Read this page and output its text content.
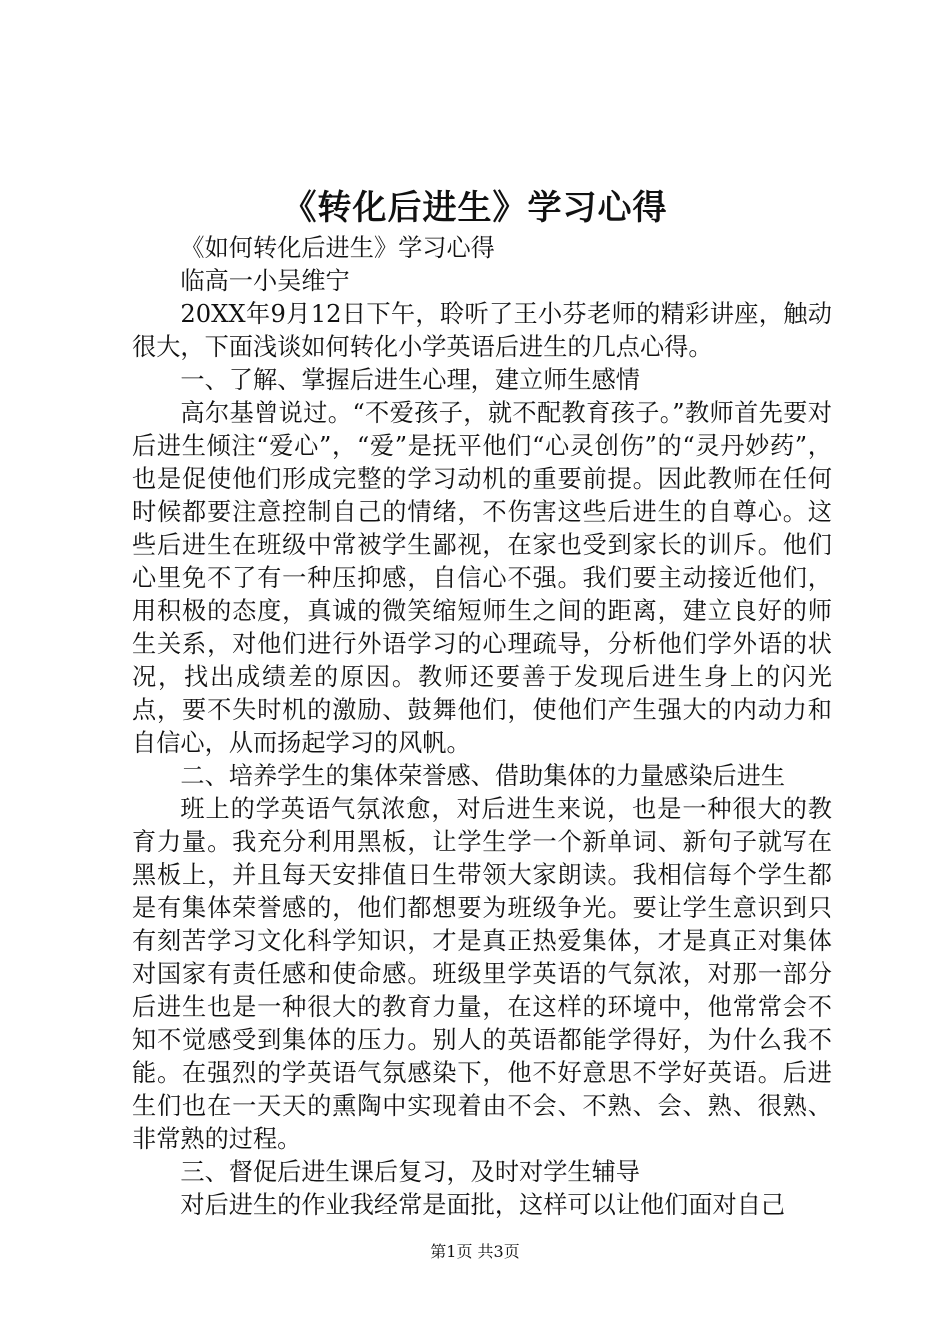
《转化后进生》学习心得

《如何转化后进生》学习心得

临高一小吴维宁

20XX年9月12日下午，聆听了王小芬老师的精彩讲座，触动很大，下面浅谈如何转化小学英语后进生的几点心得。

一、了解、掌握后进生心理，建立师生感情

高尔基曾说过。“不爱孩子，就不配教育孩子。”教师首先要对后进生倾注“爱心”，“爱”是抚平他们“心灵创伤”的“灵丹妙药”，也是促使他们形成完整的学习动机的重要前提。因此教师在任何时候都要注意控制自己的情绪，不伤害这些后进生的自尊心。这些后进生在班级中常被学生鄙视，在家也受到家长的训斥。他们心里免不了有一种压抑感，自信心不强。我们要主动接近他们，用积极的态度，真诚的微笑缩短师生之间的距离，建立良好的师生关系，对他们进行外语学习的心理疏导，分析他们学外语的状况，找出成绩差的原因。教师还要善于发现后进生身上的闪光点，要不失时机的激励、鼓舞他们，使他们产生强大的内动力和自信心，从而扬起学习的风帆。

二、培养学生的集体荣誉感、借助集体的力量感染后进生

班上的学英语气氛浓愈，对后进生来说，也是一种很大的教育力量。我充分利用黑板，让学生学一个新单词、新句子就写在黑板上，并且每天安排值日生带领大家朗读。我相信每个学生都是有集体荣誉感的，他们都想要为班级争光。要让学生意识到只有刻苦学习文化科学知识，才是真正热爱集体，才是真正对集体对国家有责任感和使命感。班级里学英语的气氛浓，对那一部分后进生也是一种很大的教育力量，在这样的环境中，他常常会不知不觉感受到集体的压力。别人的英语都能学得好，为什么我不能。在强烈的学英语气氛感染下，他不好意思不学好英语。后进生们也在一天天的熏陶中实现着由不会、不熟、会、熟、很熟、非常熟的过程。

三、督促后进生课后复习，及时对学生辅导

对后进生的作业我经常是面批，这样可以让他们面对自己

第1页 共3页
